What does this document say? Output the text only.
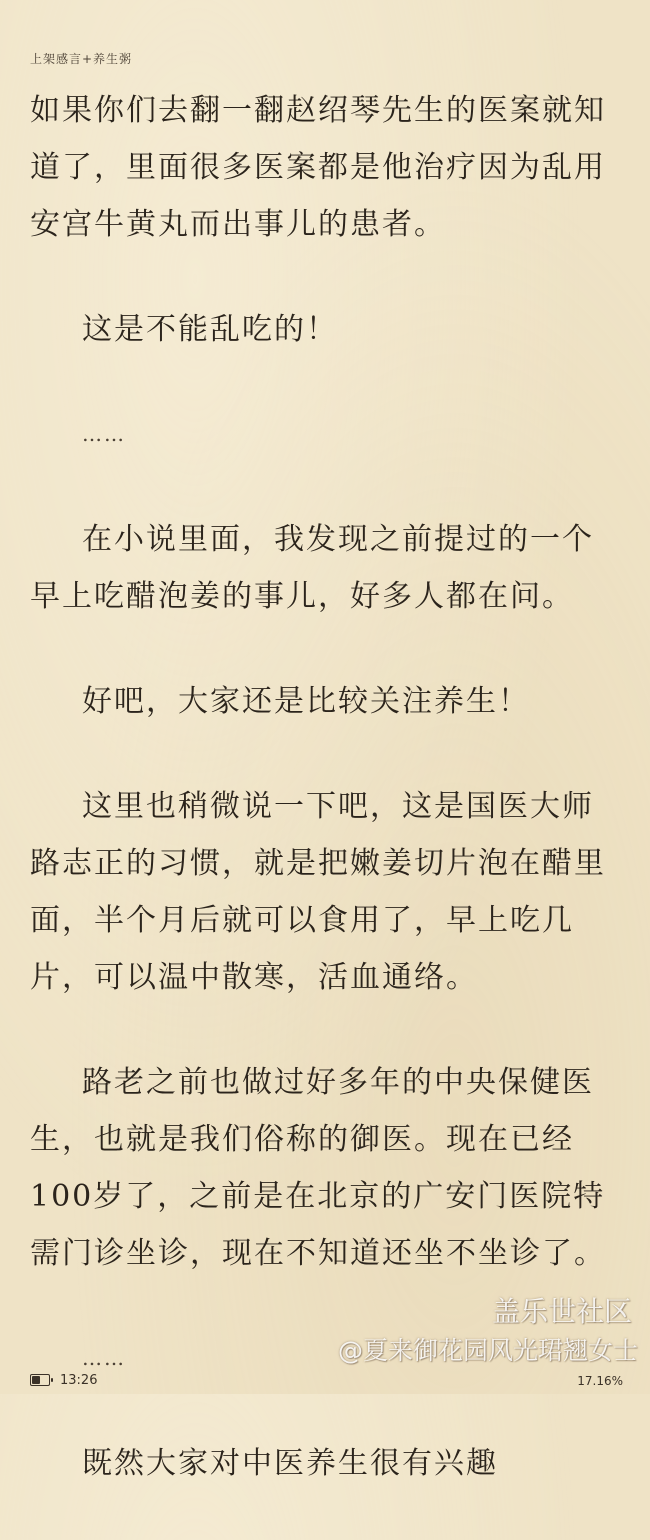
上架感言+养生粥

如果你们去翻一翻赵绍琴先生的医案就知道了，里面很多医案都是他治疗因为乱用安宫牛黄丸而出事儿的患者。

这是不能乱吃的！

……

在小说里面，我发现之前提过的一个早上吃醋泡姜的事儿，好多人都在问。

好吧，大家还是比较关注养生！

这里也稍微说一下吧，这是国医大师路志正的习惯，就是把嫩姜切片泡在醋里面，半个月后就可以食用了，早上吃几片，可以温中散寒，活血通络。

路老之前也做过好多年的中央保健医生，也就是我们俗称的御医。现在已经100岁了，之前是在北京的广安门医院特需门诊坐诊，现在不知道还坐不坐诊了。

……

既然大家对中医养生很有兴趣

盖乐世社区
@夏来御花园风光珺翘女士
13:26	17.16%
